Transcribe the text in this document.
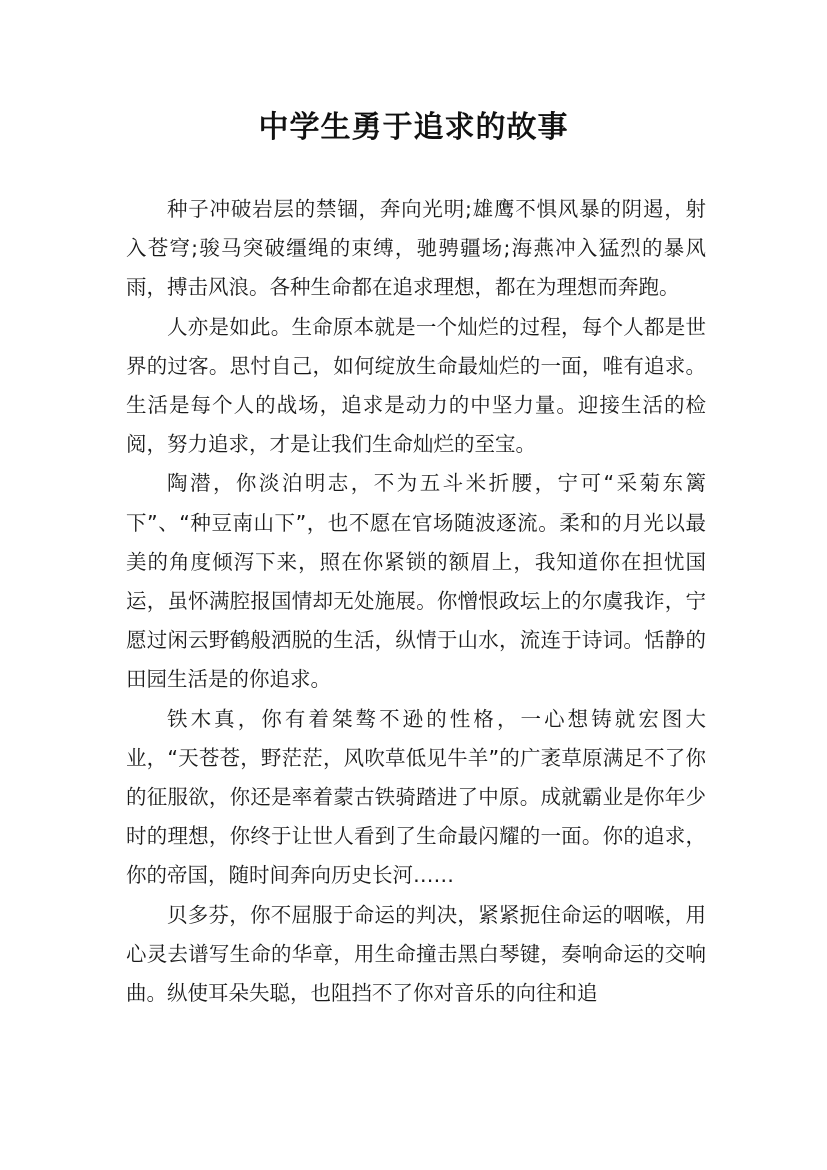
中学生勇于追求的故事

种子冲破岩层的禁锢，奔向光明;雄鹰不惧风暴的阴遏，射入苍穹;骏马突破缰绳的束缚，驰骋疆场;海燕冲入猛烈的暴风雨，搏击风浪。各种生命都在追求理想，都在为理想而奔跑。

人亦是如此。生命原本就是一个灿烂的过程，每个人都是世界的过客。思忖自己，如何绽放生命最灿烂的一面，唯有追求。生活是每个人的战场，追求是动力的中坚力量。迎接生活的检阅，努力追求，才是让我们生命灿烂的至宝。

陶潜，你淡泊明志，不为五斗米折腰，宁可“采菊东篱下”、“种豆南山下”，也不愿在官场随波逐流。柔和的月光以最美的角度倾泻下来，照在你紧锁的额眉上，我知道你在担忧国运，虽怀满腔报国情却无处施展。你憎恨政坛上的尔虞我诈，宁愿过闲云野鹤般洒脱的生活，纵情于山水，流连于诗词。恬静的田园生活是的你追求。

铁木真，你有着桀骜不逊的性格，一心想铸就宏图大业，“天苍苍，野茫茫，风吹草低见牛羊”的广袤草原满足不了你的征服欲，你还是率着蒙古铁骑踏进了中原。成就霸业是你年少时的理想，你终于让世人看到了生命最闪耀的一面。你的追求，你的帝国，随时间奔向历史长河……

贝多芬，你不屈服于命运的判决，紧紧扼住命运的咽喉，用心灵去谱写生命的华章，用生命撞击黑白琴键，奏响命运的交响曲。纵使耳朵失聪，也阻挡不了你对音乐的向往和追
